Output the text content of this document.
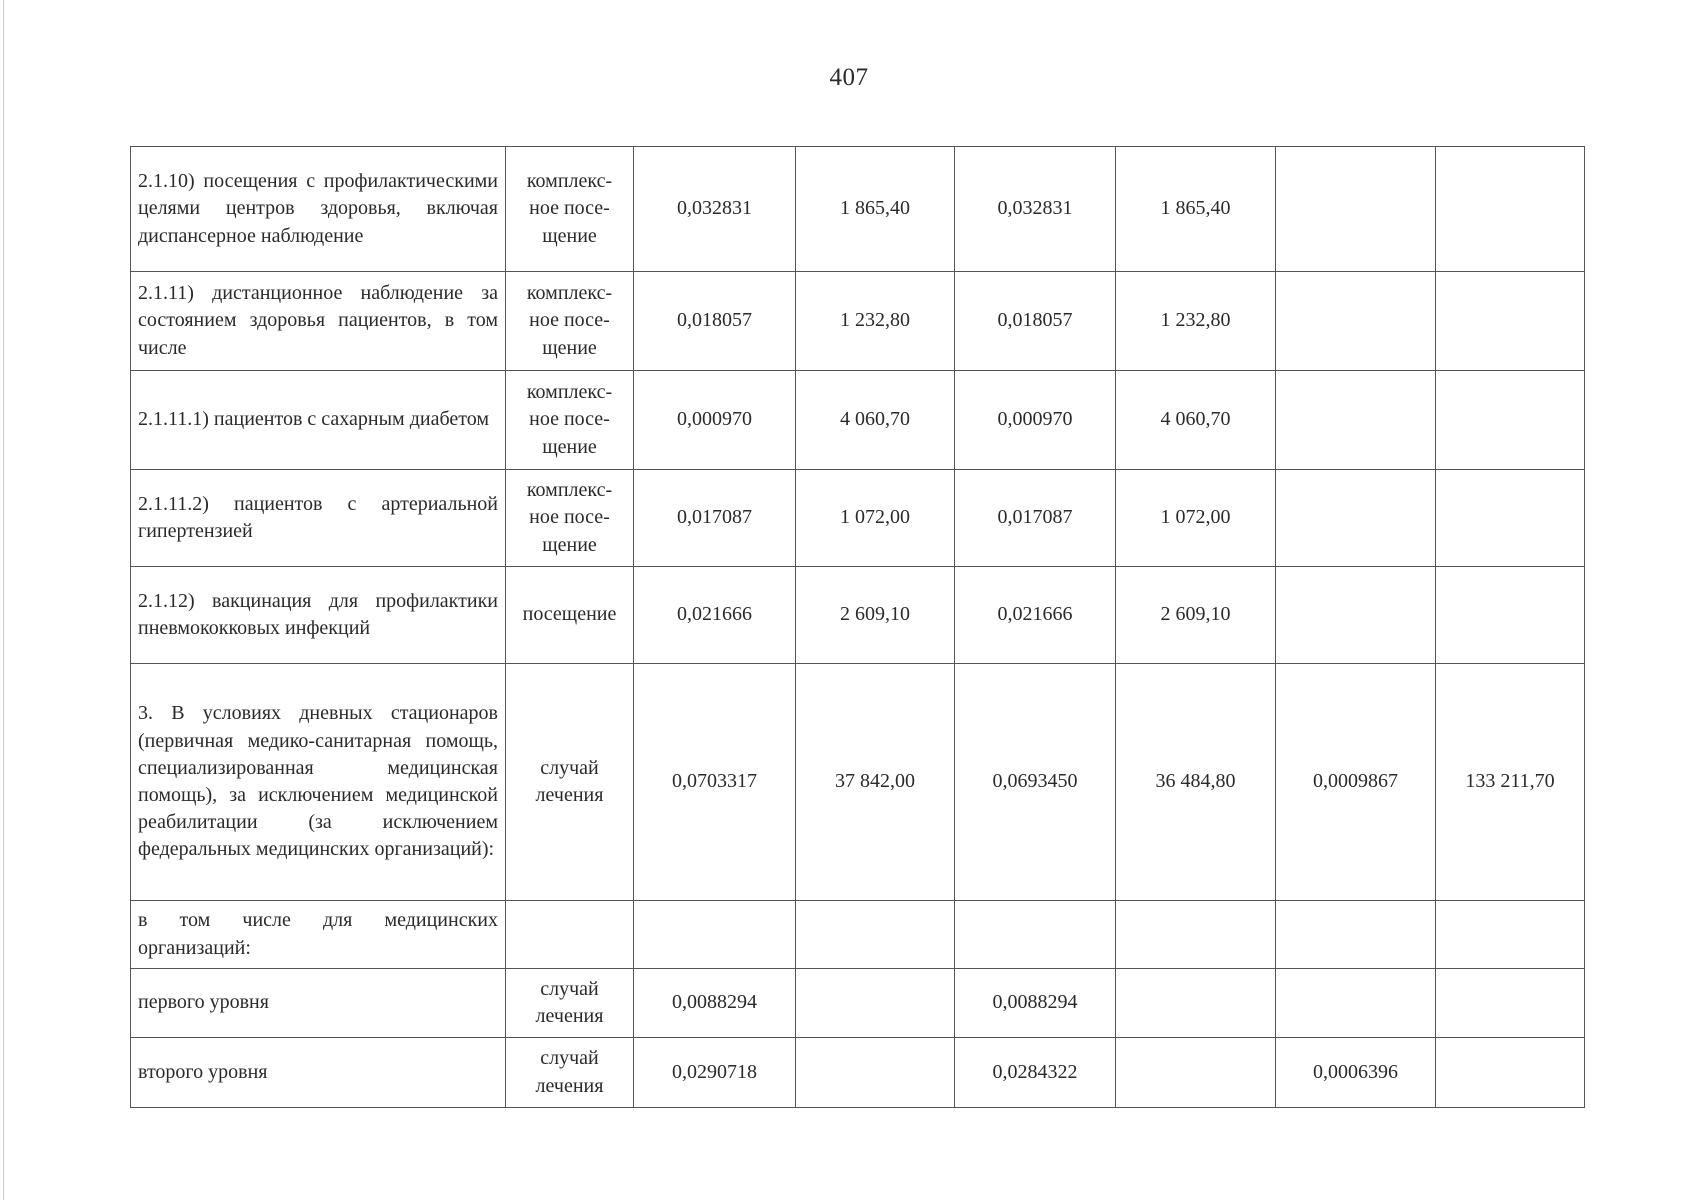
407
2.1.10) посещения с профилактическими целями центров здоровья, включая диспансерное наблюдение	комплекс-ное посе-щение	0,032831	1 865,40	0,032831	1 865,40		
2.1.11) дистанционное наблюдение за состоянием здоровья пациентов, в том числе	комплекс-ное посе-щение	0,018057	1 232,80	0,018057	1 232,80		
2.1.11.1) пациентов с сахарным диабетом	комплекс-ное посе-щение	0,000970	4 060,70	0,000970	4 060,70		
2.1.11.2) пациентов с артериальной гипертензией	комплекс-ное посе-щение	0,017087	1 072,00	0,017087	1 072,00		
2.1.12) вакцинация для профилактики пневмококковых инфекций	посещение	0,021666	2 609,10	0,021666	2 609,10		
3. В условиях дневных стационаров (первичная медико-санитарная помощь, специализированная медицинская помощь), за исключением медицинской реабилитации (за исключением федеральных медицинских организаций):	случай лечения	0,0703317	37 842,00	0,0693450	36 484,80	0,0009867	133 211,70
в том числе для медицинских организаций:							
первого уровня	случай лечения	0,0088294		0,0088294			
второго уровня	случай лечения	0,0290718		0,0284322		0,0006396	
